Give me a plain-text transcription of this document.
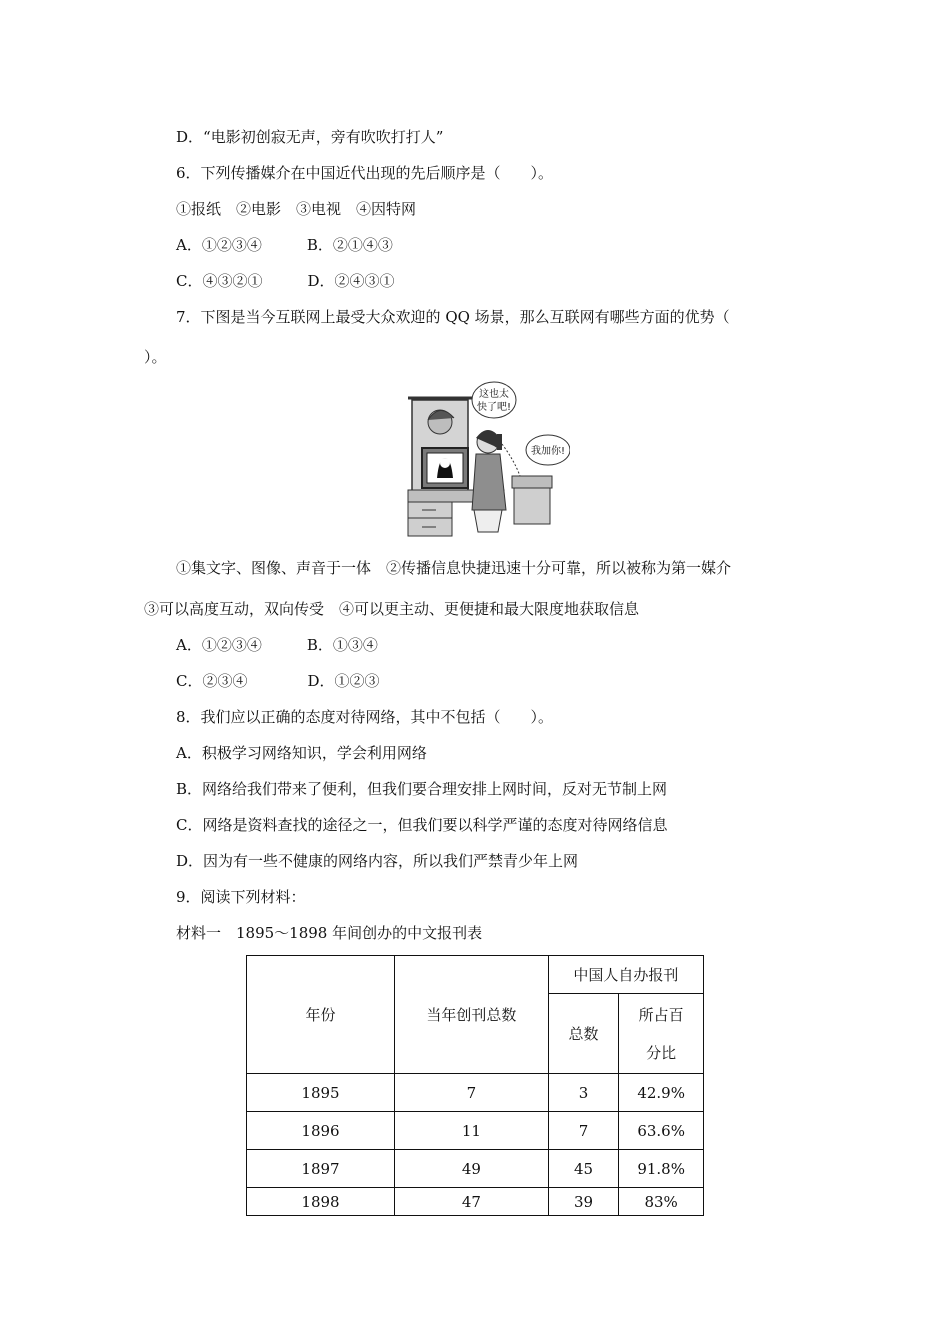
D．“电影初创寂无声，旁有吹吹打打人”
6．下列传播媒介在中国近代出现的先后顺序是（　　）。
①报纸　②电影　③电视　④因特网
A．①②③④　　　B．②①④③
C．④③②①　　　D．②④③①
7．下图是当今互联网上最受大众欢迎的 QQ 场景，那么互联网有哪些方面的优势（
）。
这也太
快了吧!
我加你!
①集文字、图像、声音于一体　②传播信息快捷迅速十分可靠，所以被称为第一媒介
③可以高度互动，双向传受　④可以更主动、更便捷和最大限度地获取信息
A．①②③④　　　B．①③④
C．②③④　　　　D．①②③
8．我们应以正确的态度对待网络，其中不包括（　　）。
A．积极学习网络知识，学会利用网络
B．网络给我们带来了便利，但我们要合理安排上网时间，反对无节制上网
C．网络是资料查找的途径之一，但我们要以科学严谨的态度对待网络信息
D．因为有一些不健康的网络内容，所以我们严禁青少年上网
9．阅读下列材料：
材料一　1895～1898 年间创办的中文报刊表
年份	当年创刊总数	中国人自办报刊	
		总数	所占百
分比
1895	7	3	42.9%
1896	11	7	63.6%
1897	49	45	91.8%
1898	47	39	83%
